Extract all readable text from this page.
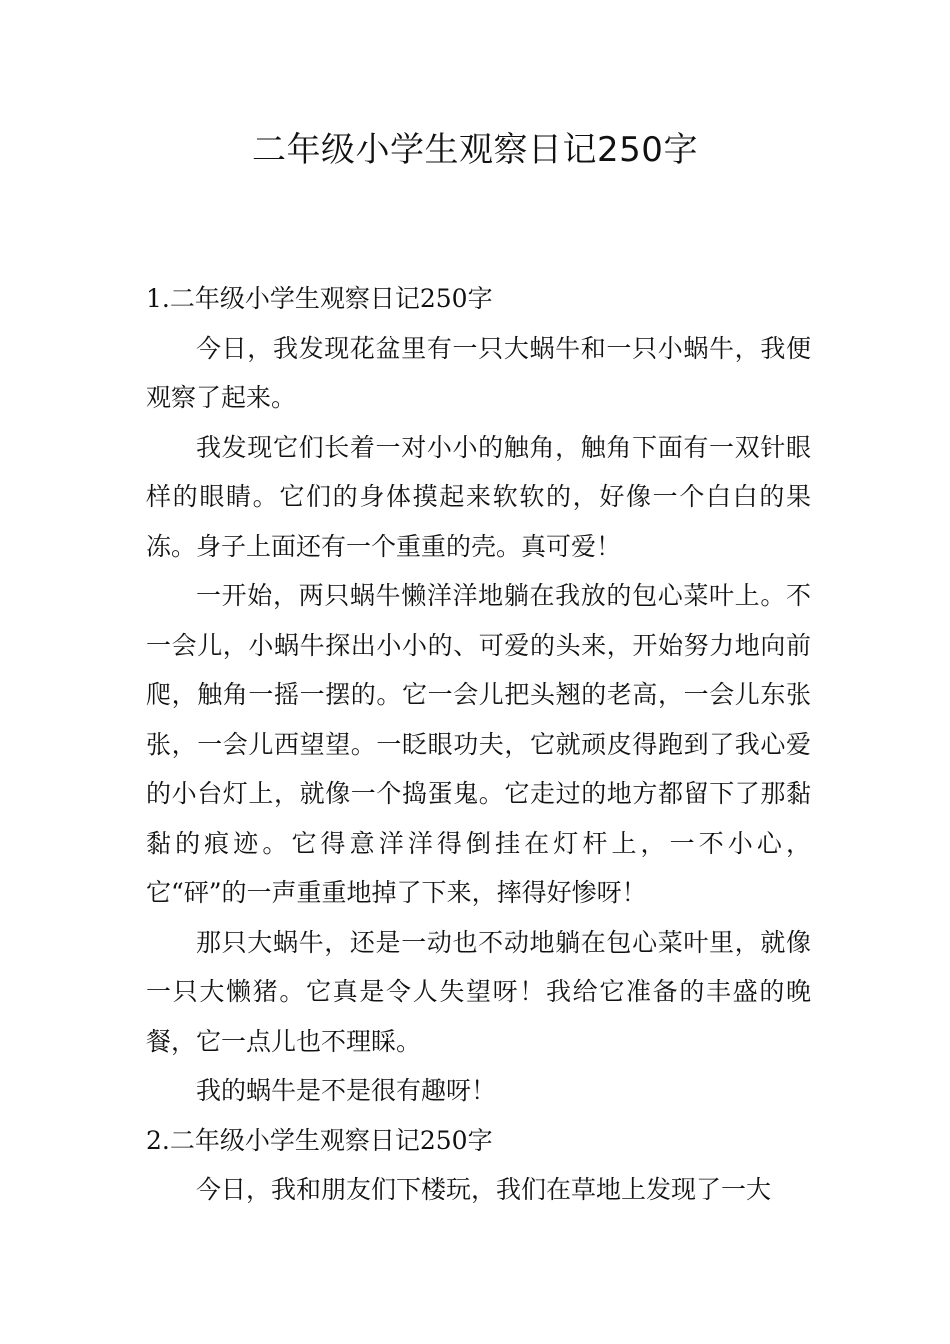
二年级小学生观察日记250字

1.二年级小学生观察日记250字

今日，我发现花盆里有一只大蜗牛和一只小蜗牛，我便观察了起来。

我发现它们长着一对小小的触角，触角下面有一双针眼样的眼睛。它们的身体摸起来软软的，好像一个白白的果冻。身子上面还有一个重重的壳。真可爱！

一开始，两只蜗牛懒洋洋地躺在我放的包心菜叶上。不一会儿，小蜗牛探出小小的、可爱的头来，开始努力地向前爬，触角一摇一摆的。它一会儿把头翘的老高，一会儿东张张，一会儿西望望。一眨眼功夫，它就顽皮得跑到了我心爱的小台灯上，就像一个捣蛋鬼。它走过的地方都留下了那黏黏的痕迹。它得意洋洋得倒挂在灯杆上，一不小心，它“砰”的一声重重地掉了下来，摔得好惨呀！

那只大蜗牛，还是一动也不动地躺在包心菜叶里，就像一只大懒猪。它真是令人失望呀！我给它准备的丰盛的晚餐，它一点儿也不理睬。

我的蜗牛是不是很有趣呀！

2.二年级小学生观察日记250字

今日，我和朋友们下楼玩，我们在草地上发现了一大
